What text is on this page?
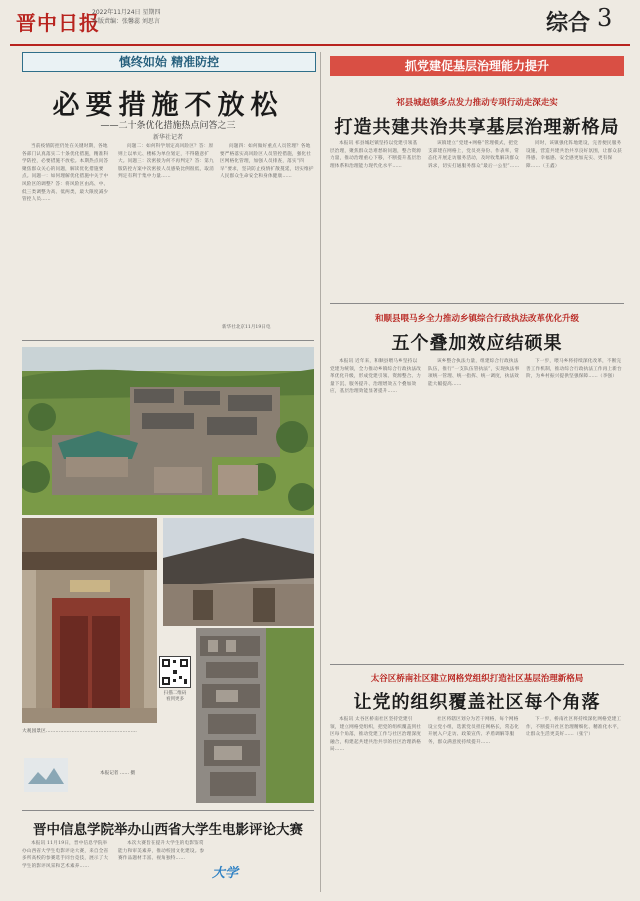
晋中日报
2022年11月24日 星期四
本版责编：张馨蕊 刘思言	综合 3
慎终如始 精准防控
必要措施不放松
——二十条优化措施热点问答之三
新华社记者

当前疫情防控仍处在关键时期，各地各部门认真落实二十条优化措施，精准科学防控，必要措施不放松。本期热点问答聚焦群众关心的问题，解读优化措施要点。问题一：如何理解优化措施中关于中风险区的调整？答：将风险区由高、中、低三类调整为高、低两类，最大限度减少管控人员……

问题二：如何科学划定高风险区？答：原则上以单元、楼栋为单位划定，不得随意扩大。问题三：次密接为何不再判定？答：第九版防控方案中次密接人员感染比例很低，取消判定有利于集中力量……

问题四：如何做好重点人员管理？各地要严格落实高风险区人员管控措施，强化社区网格化管理，加强人员排查，落实“四早”要求，坚决防止疫情扩散蔓延，切实维护人民群众生命安全和身体健康……

新华社北京11月19日电
扫描二维码
看到更多

大观园景区…………………………………………………

本报记者 …… 摄
晋中信息学院举办山西省大学生电影评论大赛

本报讯 11月19日，晋中信息学院举办山西省大学生电影评论大赛，来自全省多所高校的参赛选手同台竞技，展示了大学生的影评风采和艺术素养……

本次大赛旨在提升大学生的电影鉴赏能力和审美素养，推动校园文化建设。参赛作品题材丰富、视角独特……

大学
抓党建促基层治理能力提升
祁县城赵镇多点发力推动专项行动走深走实
打造共建共治共享基层治理新格局

本报讯 祁县城赵镇坚持以党建引领基层治理，聚焦群众急难愁盼问题，整合资源力量，推动治理重心下移，不断提升基层治理体系和治理能力现代化水平……

该镇建立“党建+网格”管理模式，把党支部建在网格上，党员亮身份、作表率，常态化开展走访服务活动，及时收集解决群众诉求，切实打通服务群众“最后一公里”……

同时，该镇强化阵地建设，完善便民服务设施，营造共建共治共享良好氛围，让群众获得感、幸福感、安全感更加充实、更有保障……（王鑫）

和顺县喂马乡全力推动乡镇综合行政执法改革优化升级
五个叠加效应结硕果

本报讯 近年来，和顺县喂马乡坚持以党建为统领，全力推动乡镇综合行政执法改革优化升级，形成党建引领、资源整合、力量下沉、服务提升、治理增效五个叠加效应，基层治理效能显著提升……

该乡整合执法力量，组建综合行政执法队伍，推行“一支队伍管执法”，实现执法事项统一管理、统一指挥、统一调度，执法效能大幅提高……

下一步，喂马乡将持续深化改革，不断完善工作机制，推动综合行政执法工作再上新台阶，为乡村振兴提供坚强保障……（李强）

太谷区桥南社区建立网格党组织打造社区基层治理新格局
让党的组织覆盖社区每个角落

本报讯 太谷区桥南社区坚持党建引领，建立网格党组织，把党的组织覆盖到社区每个角落，推动党建工作与社区治理深度融合，构建起共建共治共享的社区治理新格局……

社区将辖区划分为若干网格，每个网格设立党小组，选派党员担任网格长，常态化开展入户走访、政策宣传、矛盾调解等服务，群众满意度持续提升……

下一步，桥南社区将持续深化网格党建工作，不断提升社区治理精细化、精准化水平，让群众生活更美好……（张宁）
